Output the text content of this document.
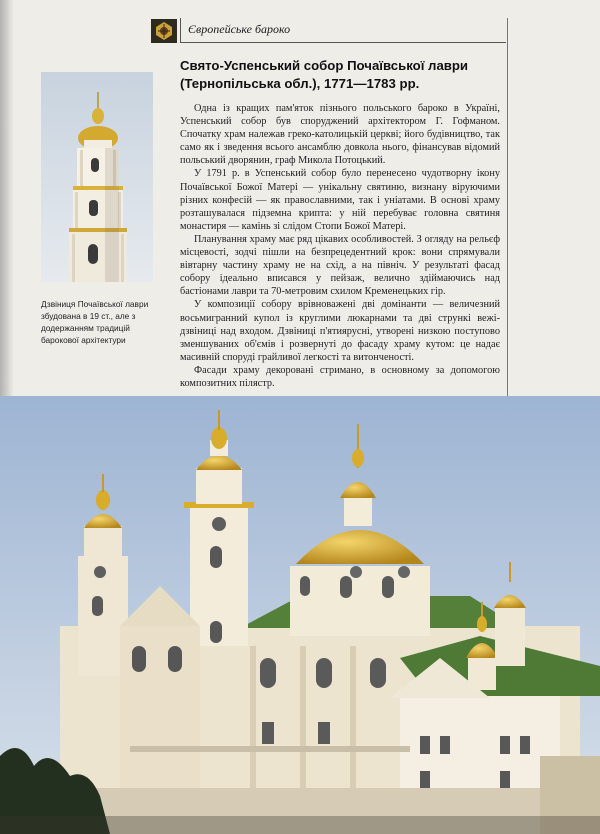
Європейське бароко
Дзвіниця Почаївської лаври збудована в 19 ст., але з додержанням традицій барокової архітектури
Свято-Успенський собор Почаївської лаври (Тернопільська обл.), 1771—1783 рр.

Одна із кращих пам'яток пізнього польського бароко в Україні, Успенський собор був споруджений архітектором Г. Гофманом. Спочатку храм належав греко-католицькій церкві; його будівництво, так само як і зведення всього ансамблю довкола нього, фінансував відомий польський дворянин, граф Микола Потоцький.

У 1791 р. в Успенський собор було перенесено чудотворну ікону Почаївської Божої Матері — унікальну святиню, визнану віруючими різних конфесій — як православними, так і уніатами. В основі храму розташувалася підземна крипта: у ній перебуває головна святиня монастиря — камінь зі слідом Стопи Божої Матері.

Планування храму має ряд цікавих особливостей. З огляду на рельєф місцевості, зодчі пішли на безпрецедентний крок: вони спрямували вівтарну частину храму не на схід, а на північ. У результаті фасад собору ідеально вписався у пейзаж, велично здіймаючись над бастіонами лаври та 70-метровим схилом Кременецьких гір.

У композиції собору врівноважені дві домінанти — величезний восьмигранний купол із круглими люкарнами та дві стрункі вежі-дзвіниці над входом. Дзвіниці п'ятиярусні, утворені низкою поступово зменшуваних об'ємів і розвернуті до фасаду храму кутом: це надає масивній споруді грайливої легкості та витонченості.

Фасади храму декоровані стримано, в основному за допомогою композитних пілястр.
